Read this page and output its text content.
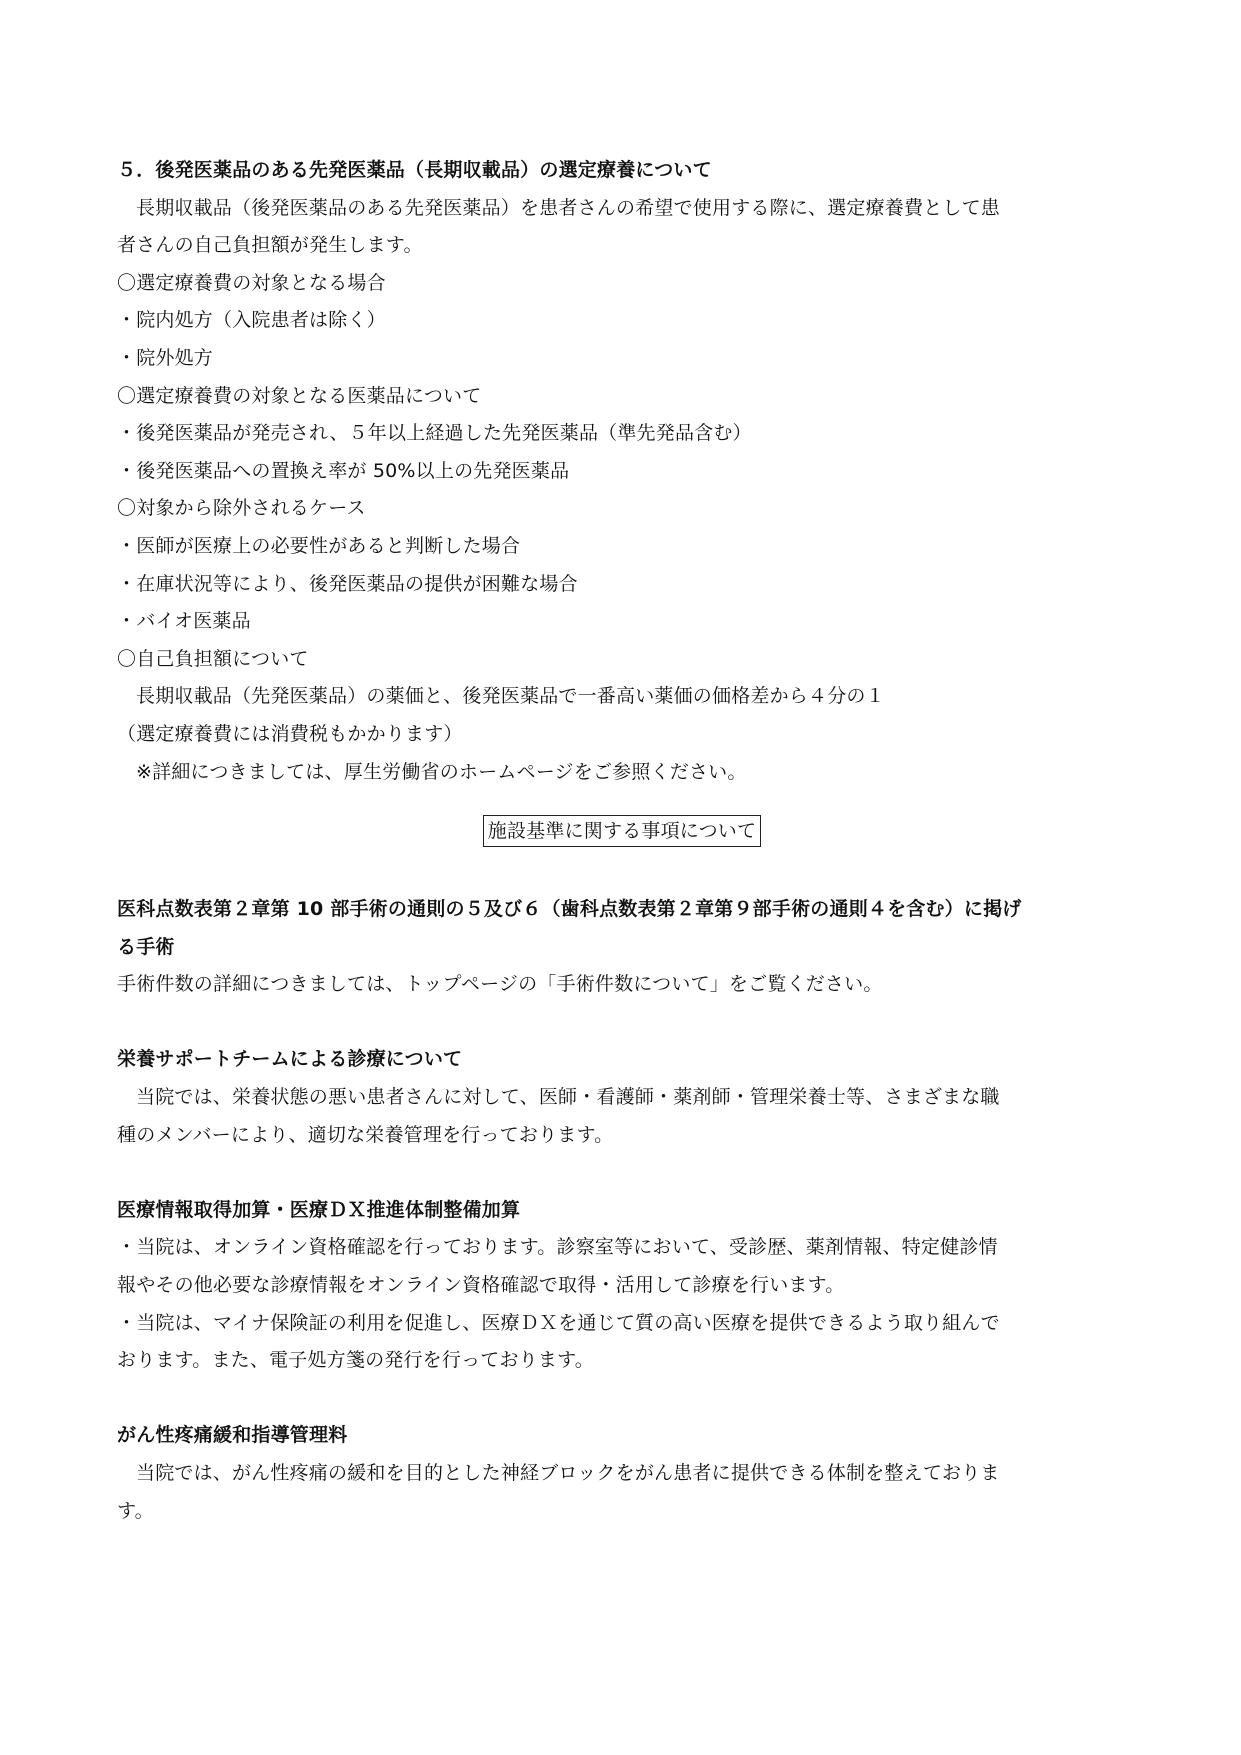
５．後発医薬品のある先発医薬品（長期収載品）の選定療養について
長期収載品（後発医薬品のある先発医薬品）を患者さんの希望で使用する際に、選定療養費として患
者さんの自己負担額が発生します。
〇選定療養費の対象となる場合
・院内処方（入院患者は除く）
・院外処方
〇選定療養費の対象となる医薬品について
・後発医薬品が発売され、５年以上経過した先発医薬品（準先発品含む）
・後発医薬品への置換え率が 50%以上の先発医薬品
〇対象から除外されるケース
・医師が医療上の必要性があると判断した場合
・在庫状況等により、後発医薬品の提供が困難な場合
・バイオ医薬品
〇自己負担額について
長期収載品（先発医薬品）の薬価と、後発医薬品で一番高い薬価の価格差から４分の１
（選定療養費には消費税もかかります）
※詳細につきましては、厚生労働省のホームページをご参照ください。
施設基準に関する事項について
医科点数表第２章第 10 部手術の通則の５及び６（歯科点数表第２章第９部手術の通則４を含む）に掲げ
る手術
手術件数の詳細につきましては、トップページの「手術件数について」をご覧ください。
栄養サポートチームによる診療について
当院では、栄養状態の悪い患者さんに対して、医師・看護師・薬剤師・管理栄養士等、さまざまな職
種のメンバーにより、適切な栄養管理を行っております。
医療情報取得加算・医療ＤＸ推進体制整備加算
・当院は、オンライン資格確認を行っております。診察室等において、受診歴、薬剤情報、特定健診情
報やその他必要な診療情報をオンライン資格確認で取得・活用して診療を行います。
・当院は、マイナ保険証の利用を促進し、医療ＤＸを通じて質の高い医療を提供できるよう取り組んで
おります。また、電子処方箋の発行を行っております。
がん性疼痛緩和指導管理料
当院では、がん性疼痛の緩和を目的とした神経ブロックをがん患者に提供できる体制を整えておりま
す。
